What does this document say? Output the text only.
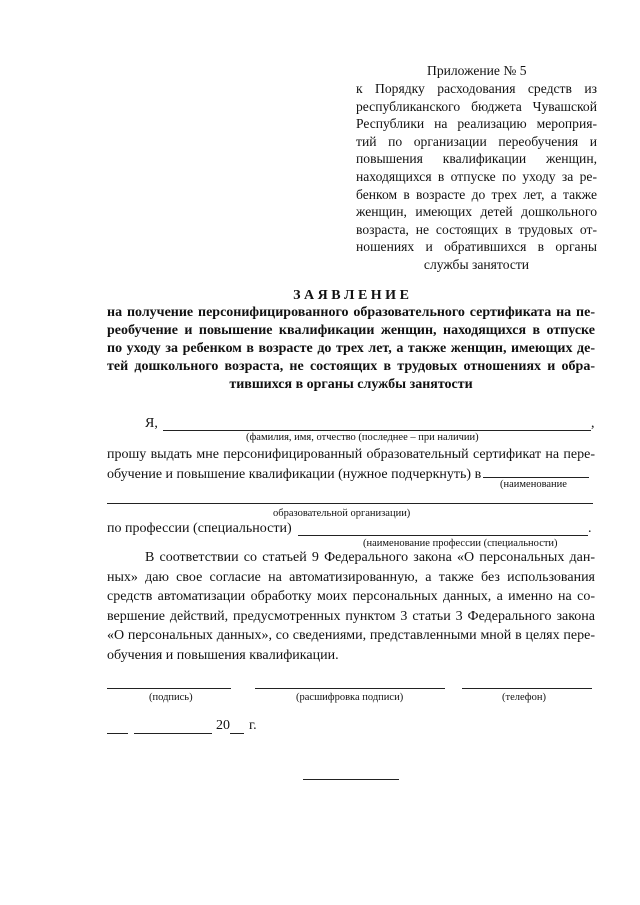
Приложение № 5
к Порядку расходования средств из
республиканского бюджета Чувашской
Республики на реализацию мероприя-
тий по организации переобучения и
повышения квалификации женщин,
находящихся в отпуске по уходу за ре-
бенком в возрасте до трех лет, а также
женщин, имеющих детей дошкольного
возраста, не состоящих в трудовых от-
ношениях и обратившихся в органы
службы занятости
З А Я В Л Е Н И Е
на получение персонифицированного образовательного сертификата на пе-
реобучение и повышение квалификации женщин, находящихся в отпуске
по уходу за ребенком в возрасте до трех лет, а также женщин, имеющих де-
тей дошкольного возраста, не состоящих в трудовых отношениях и обра-
тившихся в органы службы занятости
Я,	,
(фамилия, имя, отчество (последнее – при наличии)
прошу выдать мне персонифицированный образовательный сертификат на пере-
обучение и повышение квалификации (нужное подчеркнуть) в
(наименование
образовательной организации)
по профессии (специальности)	.
(наименование профессии (специальности)
В соответствии со статьей 9 Федерального закона «О персональных дан-
ных» даю свое согласие на автоматизированную, а также без использования
средств автоматизации обработку моих персональных данных, а именно на со-
вершение действий, предусмотренных пунктом 3 статьи 3 Федерального закона
«О персональных данных», со сведениями, представленными мной в целях пере-
обучения и повышения квалификации.
(подпись)	(расшифровка подписи)	(телефон)
20 г.
